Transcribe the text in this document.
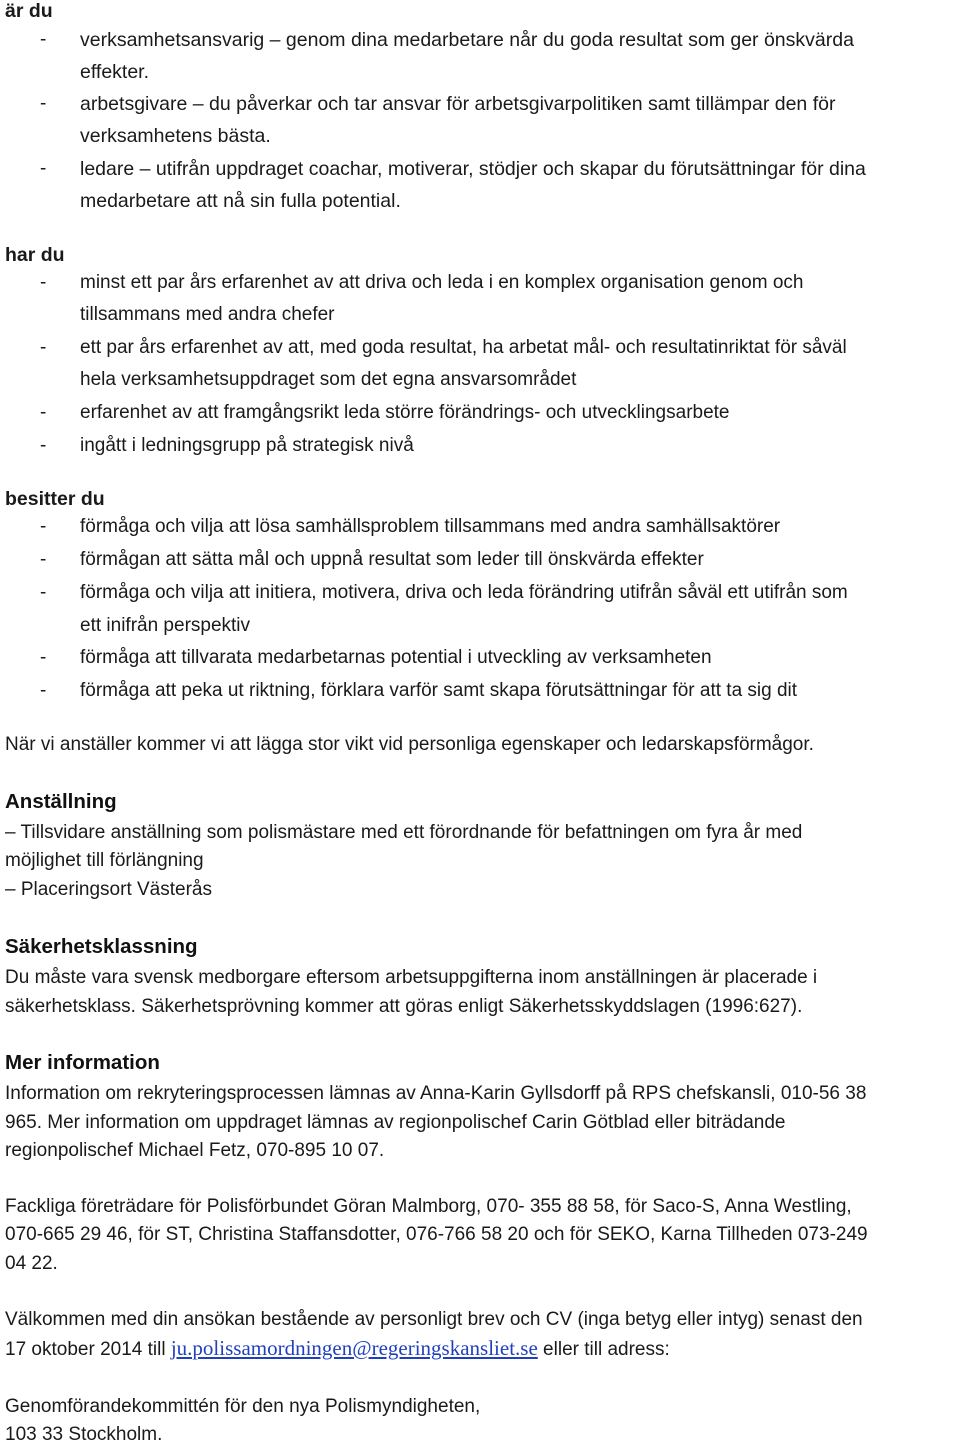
är du
- verksamhetsansvarig – genom dina medarbetare når du goda resultat som ger önskvärda
effekter.
- arbetsgivare – du påverkar och tar ansvar för arbetsgivarpolitiken samt tillämpar den för
verksamhetens bästa.
- ledare – utifrån uppdraget coachar, motiverar, stödjer och skapar du förutsättningar för dina
medarbetare att nå sin fulla potential.
har du
- minst ett par års erfarenhet av att driva och leda i en komplex organisation genom och
tillsammans med andra chefer
- ett par års erfarenhet av att, med goda resultat, ha arbetat mål- och resultatinriktat för såväl
hela verksamhetsuppdraget som det egna ansvarsområdet
- erfarenhet av att framgångsrikt leda större förändrings- och utvecklingsarbete
- ingått i ledningsgrupp på strategisk nivå
besitter du
- förmåga och vilja att lösa samhällsproblem tillsammans med andra samhällsaktörer
- förmågan att sätta mål och uppnå resultat som leder till önskvärda effekter
- förmåga och vilja att initiera, motivera, driva och leda förändring utifrån såväl ett utifrån som
ett inifrån perspektiv
- förmåga att tillvarata medarbetarnas potential i utveckling av verksamheten
- förmåga att peka ut riktning, förklara varför samt skapa förutsättningar för att ta sig dit
När vi anställer kommer vi att lägga stor vikt vid personliga egenskaper och ledarskapsförmågor.
Anställning
– Tillsvidare anställning som polismästare med ett förordnande för befattningen om fyra år med
möjlighet till förlängning
– Placeringsort Västerås
Säkerhetsklassning
Du måste vara svensk medborgare eftersom arbetsuppgifterna inom anställningen är placerade i
säkerhetsklass. Säkerhetsprövning kommer att göras enligt Säkerhetsskyddslagen (1996:627).
Mer information
Information om rekryteringsprocessen lämnas av Anna-Karin Gyllsdorff på RPS chefskansli, 010-56 38
965. Mer information om uppdraget lämnas av regionpolischef Carin Götblad eller biträdande
regionpolischef Michael Fetz, 070-895 10 07.
Fackliga företrädare för Polisförbundet Göran Malmborg, 070- 355 88 58, för Saco-S, Anna Westling,
070-665 29 46, för ST, Christina Staffansdotter, 076-766 58 20 och för SEKO, Karna Tillheden 073-249
04 22.
Välkommen med din ansökan bestående av personligt brev och CV (inga betyg eller intyg) senast den
17 oktober 2014 till ju.polissamordningen@regeringskansliet.se eller till adress:
Genomförandekommittén för den nya Polismyndigheten,
103 33 Stockholm.
